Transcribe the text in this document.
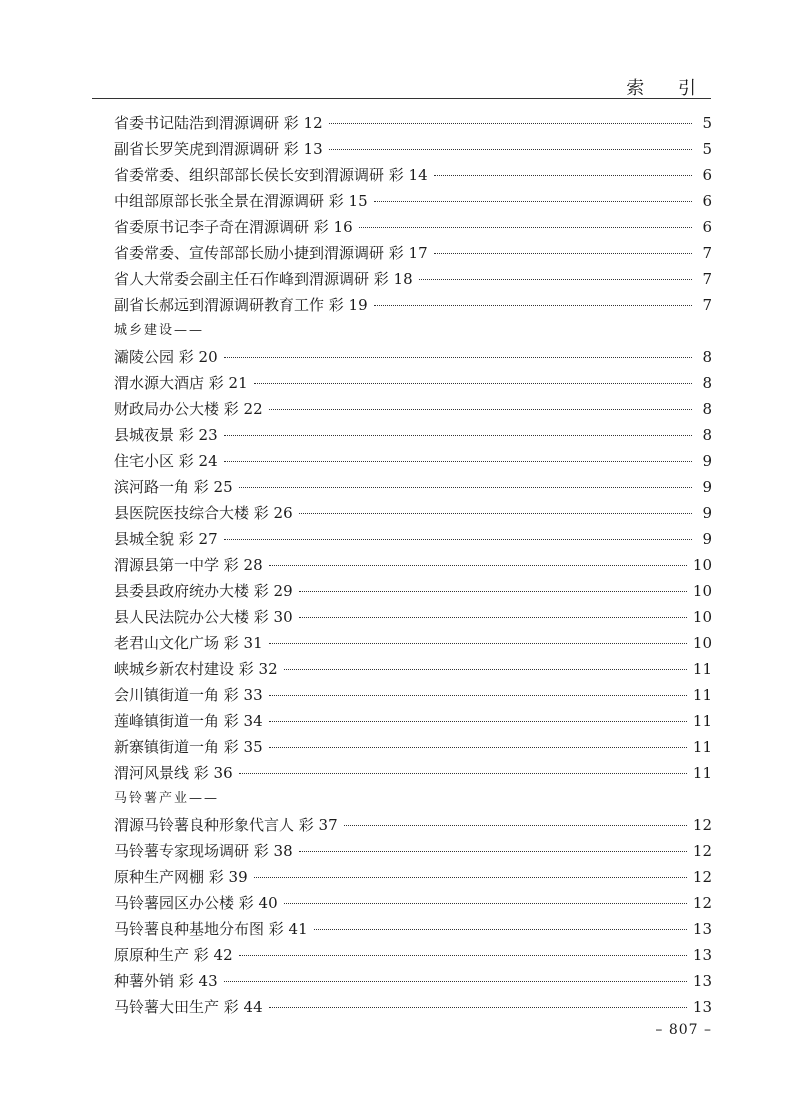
索 引
省委书记陆浩到渭源调研 彩 12	5
副省长罗笑虎到渭源调研 彩 13	5
省委常委、组织部部长侯长安到渭源调研 彩 14	6
中组部原部长张全景在渭源调研 彩 15	6
省委原书记李子奇在渭源调研 彩 16	6
省委常委、宣传部部长励小捷到渭源调研 彩 17	7
省人大常委会副主任石作峰到渭源调研 彩 18	7
副省长郝远到渭源调研教育工作 彩 19	7
城乡建设——
灞陵公园 彩 20	8
渭水源大酒店 彩 21	8
财政局办公大楼 彩 22	8
县城夜景 彩 23	8
住宅小区 彩 24	9
滨河路一角 彩 25	9
县医院医技综合大楼 彩 26	9
县城全貌 彩 27	9
渭源县第一中学 彩 28	10
县委县政府统办大楼 彩 29	10
县人民法院办公大楼 彩 30	10
老君山文化广场 彩 31	10
峡城乡新农村建设 彩 32	11
会川镇街道一角 彩 33	11
莲峰镇街道一角 彩 34	11
新寨镇街道一角 彩 35	11
渭河风景线 彩 36	11
马铃薯产业——
渭源马铃薯良种形象代言人 彩 37	12
马铃薯专家现场调研 彩 38	12
原种生产网棚 彩 39	12
马铃薯园区办公楼 彩 40	12
马铃薯良种基地分布图 彩 41	13
原原种生产 彩 42	13
种薯外销 彩 43	13
马铃薯大田生产 彩 44	13
– 807 –
